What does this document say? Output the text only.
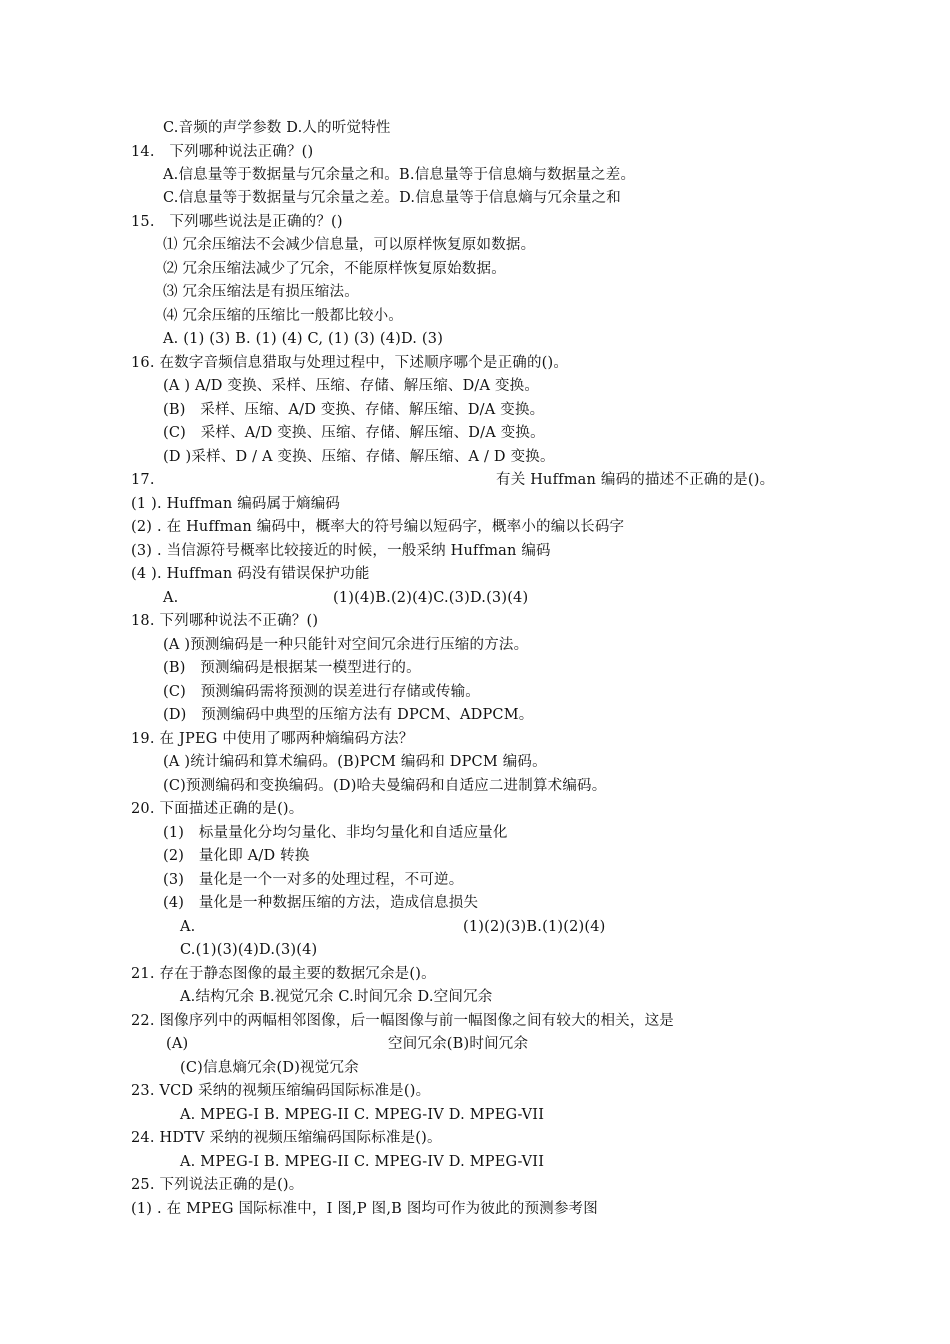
C.音频的声学参数 D.人的听觉特性
14.　下列哪种说法正确？()
A.信息量等于数据量与冗余量之和。B.信息量等于信息熵与数据量之差。
C.信息量等于数据量与冗余量之差。D.信息量等于信息熵与冗余量之和
15.　下列哪些说法是正确的？()
⑴ 冗余压缩法不会减少信息量，可以原样恢复原如数据。
⑵ 冗余压缩法减少了冗余，不能原样恢复原始数据。
⑶ 冗余压缩法是有损压缩法。
⑷ 冗余压缩的压缩比一般都比较小。
A. (1) (3) B. (1) (4) C, (1) (3) (4)D. (3)
16. 在数字音频信息猎取与处理过程中，下述顺序哪个是正确的()。
(A ) A/D 变换、采样、压缩、存储、解压缩、D/A 变换。
(B)　采样、压缩、A/D 变换、存储、解压缩、D/A 变换。
(C)　采样、A/D 变换、压缩、存储、解压缩、D/A 变换。
(D )采样、D / A 变换、压缩、存储、解压缩、A / D 变换。
17.	有关 Huffman 编码的描述不正确的是()。
(1 ). Huffman 编码属于熵编码
(2) . 在 Huffman 编码中，概率大的符号编以短码字，概率小的编以长码字
(3) . 当信源符号概率比较接近的时候，一般采纳 Huffman 编码
(4 ). Huffman 码没有错误保护功能
A.	(1)(4)B.(2)(4)C.(3)D.(3)(4)
18. 下列哪种说法不正确？()
(A )预测编码是一种只能针对空间冗余进行压缩的方法。
(B)　预测编码是根据某一模型进行的。
(C)　预测编码需将预测的误差进行存储或传输。
(D)　预测编码中典型的压缩方法有 DPCM、ADPCM。
19. 在 JPEG 中使用了哪两种熵编码方法？
(A )统计编码和算术编码。(B)PCM 编码和 DPCM 编码。
(C)预测编码和变换编码。(D)哈夫曼编码和自适应二进制算术编码。
20. 下面描述正确的是()。
(1)　标量量化分均匀量化、非均匀量化和自适应量化
(2)　量化即 A/D 转换
(3)　量化是一个一对多的处理过程，不可逆。
(4)　量化是一种数据压缩的方法，造成信息损失
A.	(1)(2)(3)B.(1)(2)(4)
C.(1)(3)(4)D.(3)(4)
21. 存在于静态图像的最主要的数据冗余是()。
A.结构冗余 B.视觉冗余 C.时间冗余 D.空间冗余
22. 图像序列中的两幅相邻图像，后一幅图像与前一幅图像之间有较大的相关，这是
(A)	空间冗余(B)时间冗余
(C)信息熵冗余(D)视觉冗余
23. VCD 采纳的视频压缩编码国际标准是()。
A. MPEG-I B. MPEG-II C. MPEG-IV D. MPEG-VII
24. HDTV 采纳的视频压缩编码国际标准是()。
A. MPEG-I B. MPEG-II C. MPEG-IV D. MPEG-VII
25. 下列说法正确的是()。
(1) . 在 MPEG 国际标准中，I 图,P 图,B 图均可作为彼此的预测参考图
